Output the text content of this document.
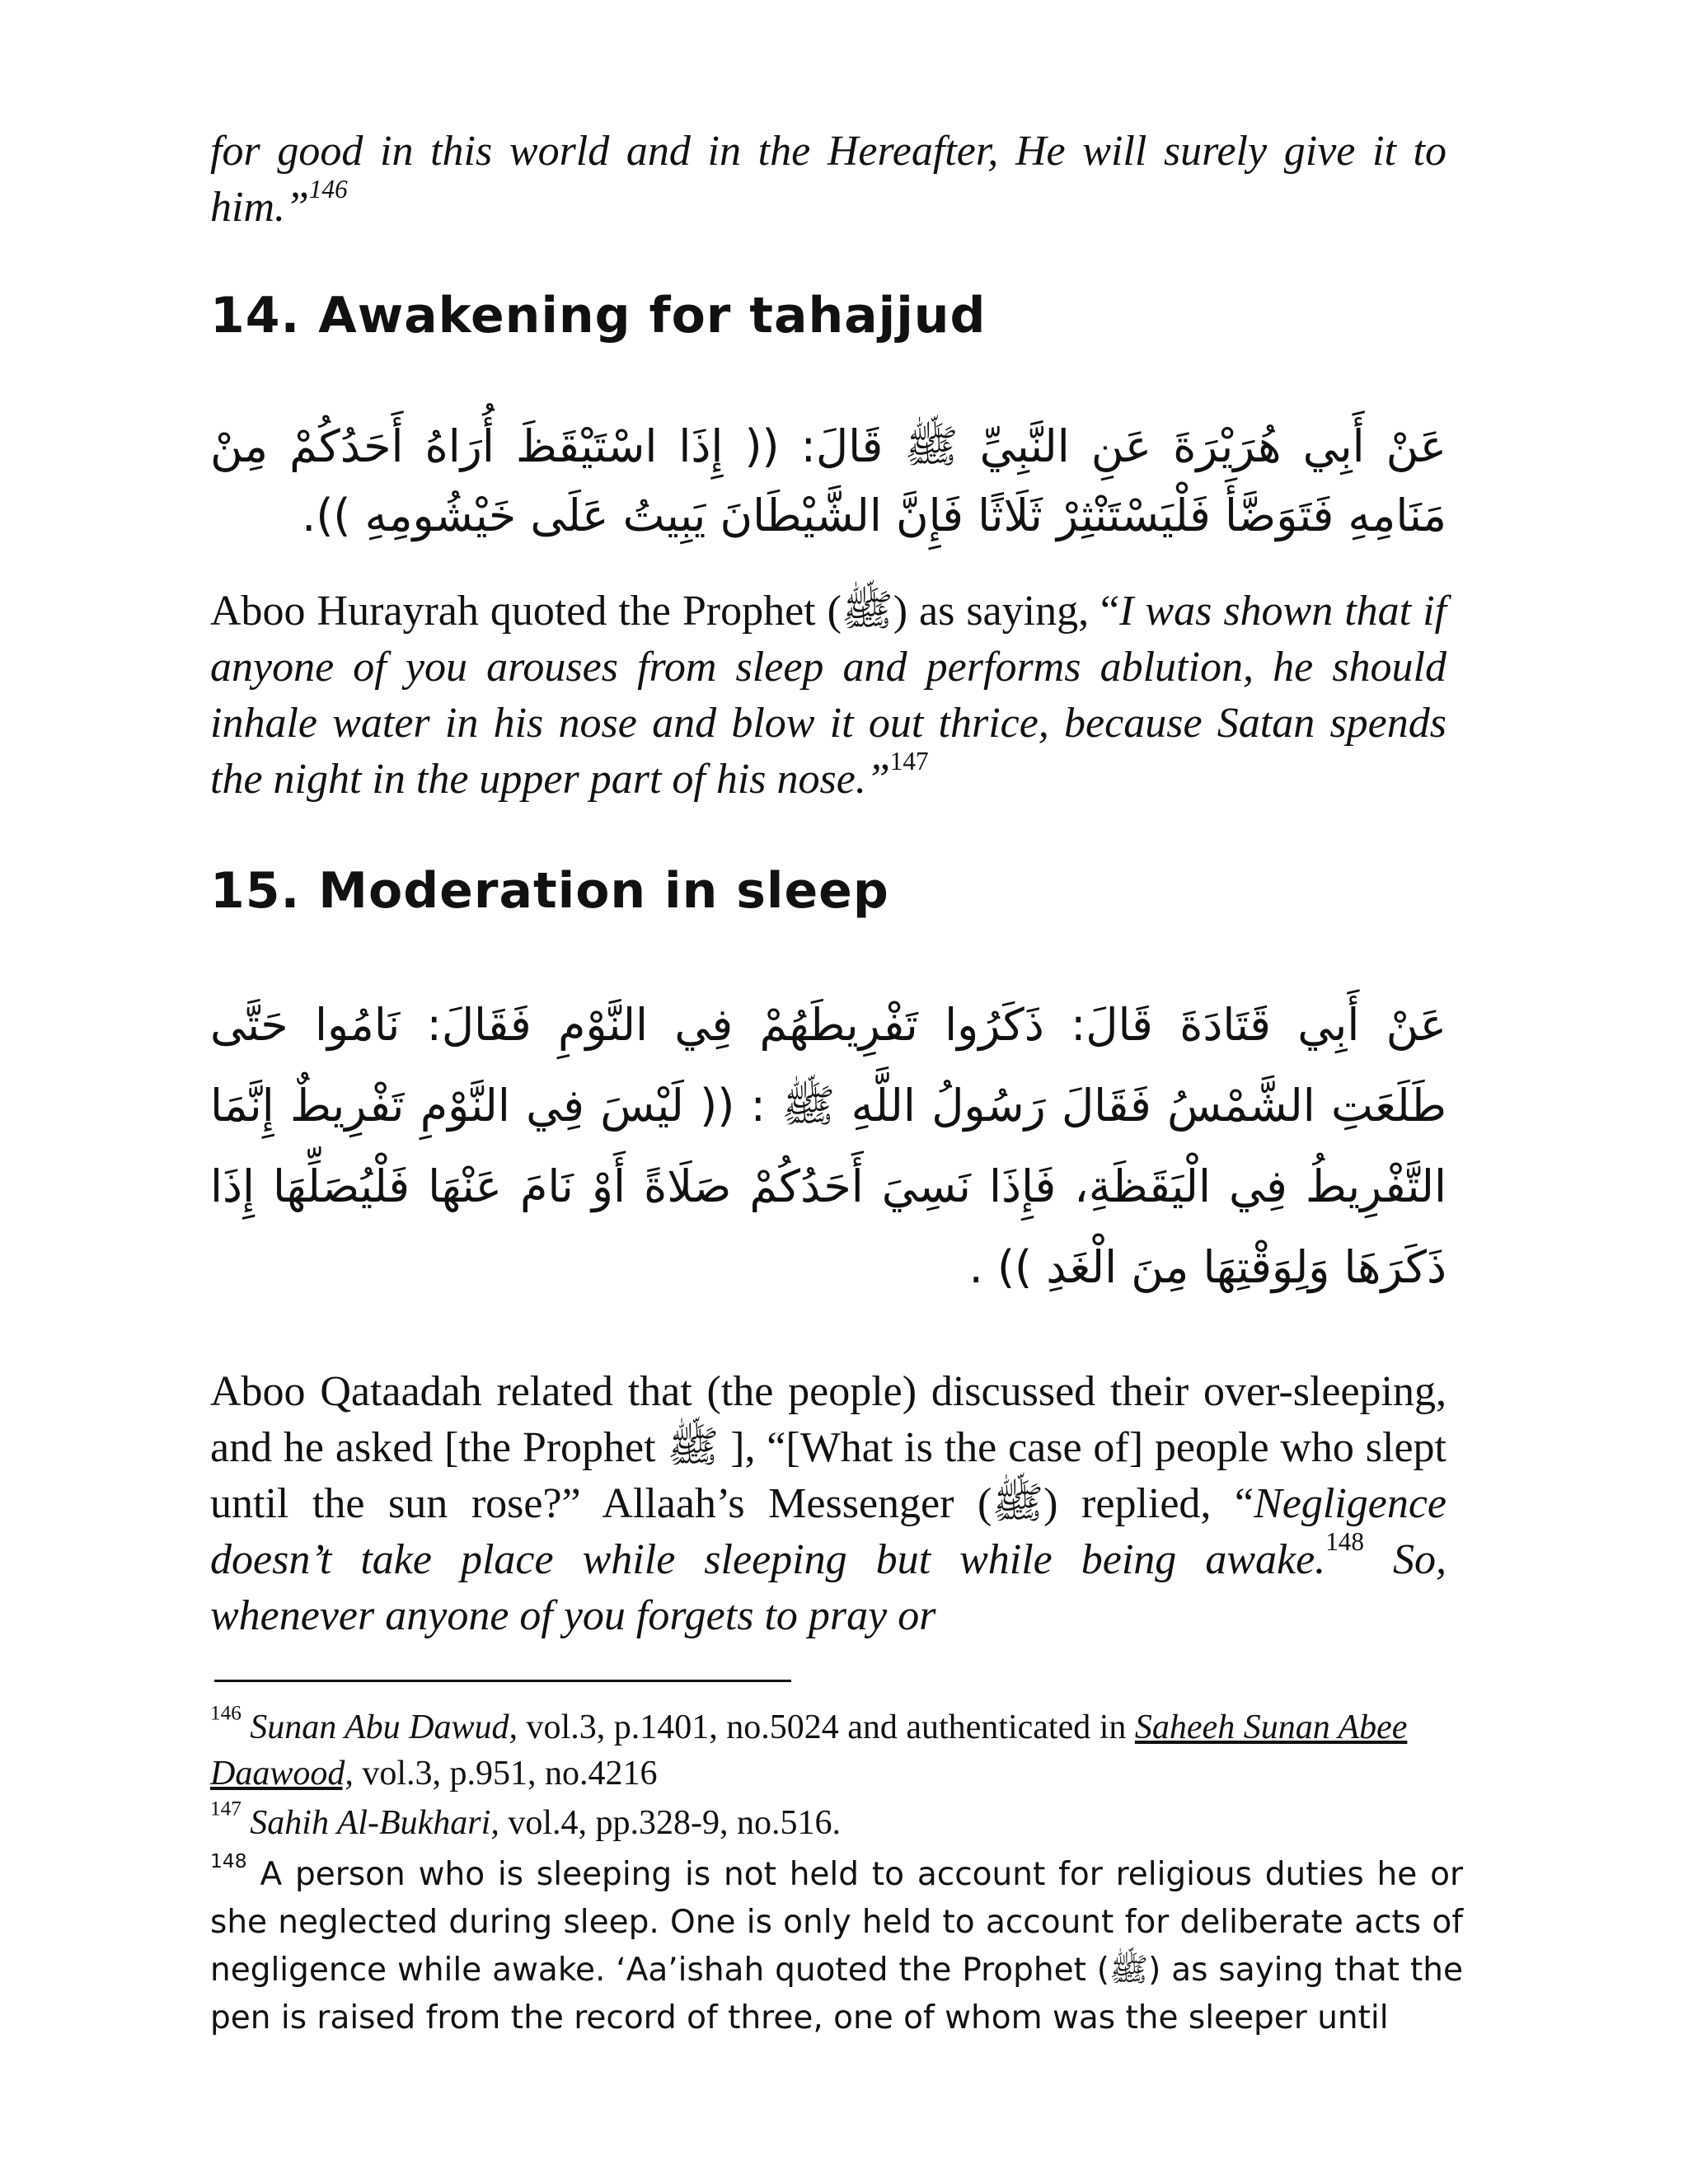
for good in this world and in the Hereafter, He will surely give it to him.”$^{146}$
14. Awakening for tahajjud
عَنْ أَبِي هُرَيْرَةَ عَنِ النَّبِيِّ ﷺ قَالَ: (( إِذَا اسْتَيْقَظَ أُرَاهُ أَحَدُكُمْ مِنْ مَنَامِهِ فَتَوَضَّأَ فَلْيَسْتَنْثِرْ ثَلَاثًا فَإِنَّ الشَّيْطَانَ يَبِيتُ عَلَى خَيْشُومِهِ )).
Aboo Hurayrah quoted the Prophet (ﷺ) as saying, “I was shown that if anyone of you arouses from sleep and performs ablution, he should inhale water in his nose and blow it out thrice, because Satan spends the night in the upper part of his nose.”$^{147}$
15. Moderation in sleep
عَنْ أَبِي قَتَادَةَ قَالَ: ذَكَرُوا تَفْرِيطَهُمْ فِي النَّوْمِ فَقَالَ: نَامُوا حَتَّى طَلَعَتِ الشَّمْسُ فَقَالَ رَسُولُ اللَّهِ ﷺ : (( لَيْسَ فِي النَّوْمِ تَفْرِيطٌ إِنَّمَا التَّفْرِيطُ فِي الْيَقَظَةِ، فَإِذَا نَسِيَ أَحَدُكُمْ صَلَاةً أَوْ نَامَ عَنْهَا فَلْيُصَلِّهَا إِذَا ذَكَرَهَا وَلِوَقْتِهَا مِنَ الْغَدِ )) .
Aboo Qataadah related that (the people) discussed their over-sleeping, and he asked [the Prophet ﷺ ], “[What is the case of] people who slept until the sun rose?” Allaah’s Messenger (ﷺ) replied, “Negligence doesn’t take place while sleeping but while being awake.$^{148}$ So, whenever anyone of you forgets to pray or
$^{146}$ Sunan Abu Dawud, vol.3, p.1401, no.5024 and authenticated in Saheeh Sunan Abee Daawood, vol.3, p.951, no.4216
$^{147}$ Sahih Al-Bukhari, vol.4, pp.328-9, no.516.
$^{148}$ A person who is sleeping is not held to account for religious duties he or she neglected during sleep. One is only held to account for deliberate acts of negligence while awake. ‘Aa’ishah quoted the Prophet (ﷺ) as saying that the pen is raised from the record of three, one of whom was the sleeper until
